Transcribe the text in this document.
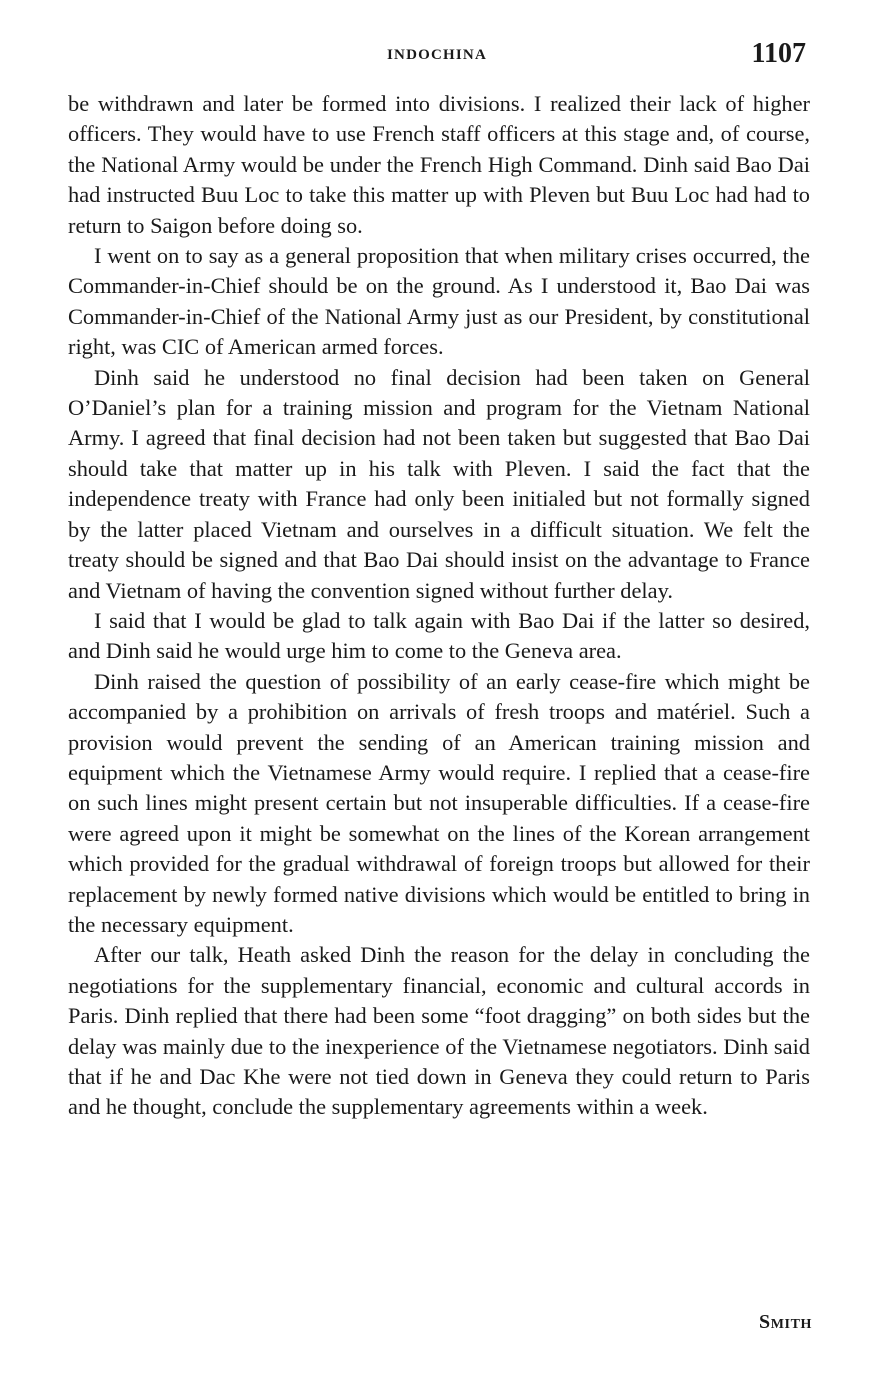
INDOCHINA	1107

be withdrawn and later be formed into divisions. I realized their lack of higher officers. They would have to use French staff officers at this stage and, of course, the National Army would be under the French High Command. Dinh said Bao Dai had instructed Buu Loc to take this matter up with Pleven but Buu Loc had had to return to Saigon before doing so.

I went on to say as a general proposition that when military crises occurred, the Commander-in-Chief should be on the ground. As I understood it, Bao Dai was Commander-in-Chief of the National Army just as our President, by constitutional right, was CIC of American armed forces.

Dinh said he understood no final decision had been taken on General O’Daniel’s plan for a training mission and program for the Vietnam National Army. I agreed that final decision had not been taken but suggested that Bao Dai should take that matter up in his talk with Pleven. I said the fact that the independence treaty with France had only been initialed but not formally signed by the latter placed Vietnam and ourselves in a difficult situation. We felt the treaty should be signed and that Bao Dai should insist on the advantage to France and Vietnam of having the convention signed without further delay.

I said that I would be glad to talk again with Bao Dai if the latter so desired, and Dinh said he would urge him to come to the Geneva area.

Dinh raised the question of possibility of an early cease-fire which might be accompanied by a prohibition on arrivals of fresh troops and matériel. Such a provision would prevent the sending of an American training mission and equipment which the Vietnamese Army would require. I replied that a cease-fire on such lines might present certain but not insuperable difficulties. If a cease-fire were agreed upon it might be somewhat on the lines of the Korean arrangement which provided for the gradual withdrawal of foreign troops but allowed for their replacement by newly formed native divisions which would be entitled to bring in the necessary equipment.

After our talk, Heath asked Dinh the reason for the delay in concluding the negotiations for the supplementary financial, economic and cultural accords in Paris. Dinh replied that there had been some “foot dragging” on both sides but the delay was mainly due to the inexperience of the Vietnamese negotiators. Dinh said that if he and Dac Khe were not tied down in Geneva they could return to Paris and he thought, conclude the supplementary agreements within a week.

Smith
